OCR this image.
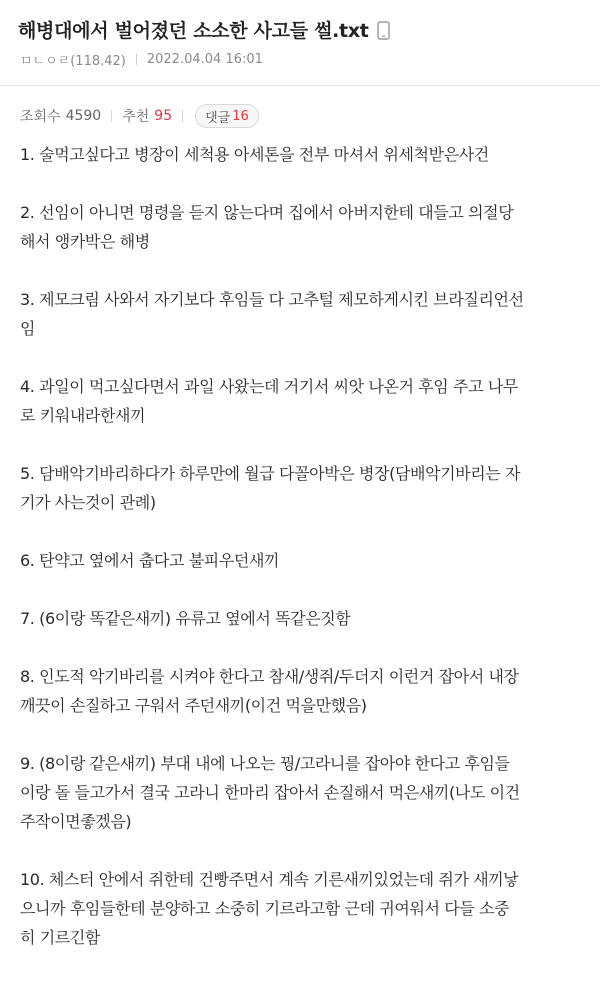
해병대에서 벌어졌던 소소한 사고들 썰.txt
ㅁㄴㅇㄹ(118.42) 2022.04.04 16:01
조회수 4590 추천 95	댓글 16

1. 술먹고싶다고 병장이 세척용 아세톤을 전부 마셔서 위세척받은사건

2. 선임이 아니면 명령을 듣지 않는다며 집에서 아버지한테 대들고 의절당
해서 앵카박은 해병

3. 제모크림 사와서 자기보다 후임들 다 고추털 제모하게시킨 브라질리언선
임

4. 과일이 먹고싶다면서 과일 사왔는데 거기서 씨앗 나온거 후임 주고 나무
로 키워내라한새끼

5. 담배악기바리하다가 하루만에 월급 다꼴아박은 병장(담배악기바리는 자
기가 사는것이 관례)

6. 탄약고 옆에서 춥다고 불피우던새끼

7. (6이랑 똑같은새끼) 유류고 옆에서 똑같은짓함

8. 인도적 악기바리를 시켜야 한다고 참새/생쥐/두더지 이런거 잡아서 내장
깨끗이 손질하고 구워서 주던새끼(이건 먹을만했음)

9. (8이랑 같은새끼) 부대 내에 나오는 꿩/고라니를 잡아야 한다고 후임들
이랑 돌 들고가서 결국 고라니 한마리 잡아서 손질해서 먹은새끼(나도 이건
주작이면좋겠음)

10. 체스터 안에서 쥐한테 건빵주면서 계속 기른새끼있었는데 쥐가 새끼낳
으니까 후임들한테 분양하고 소중히 기르라고함 근데 귀여워서 다들 소중
히 기르긴함
